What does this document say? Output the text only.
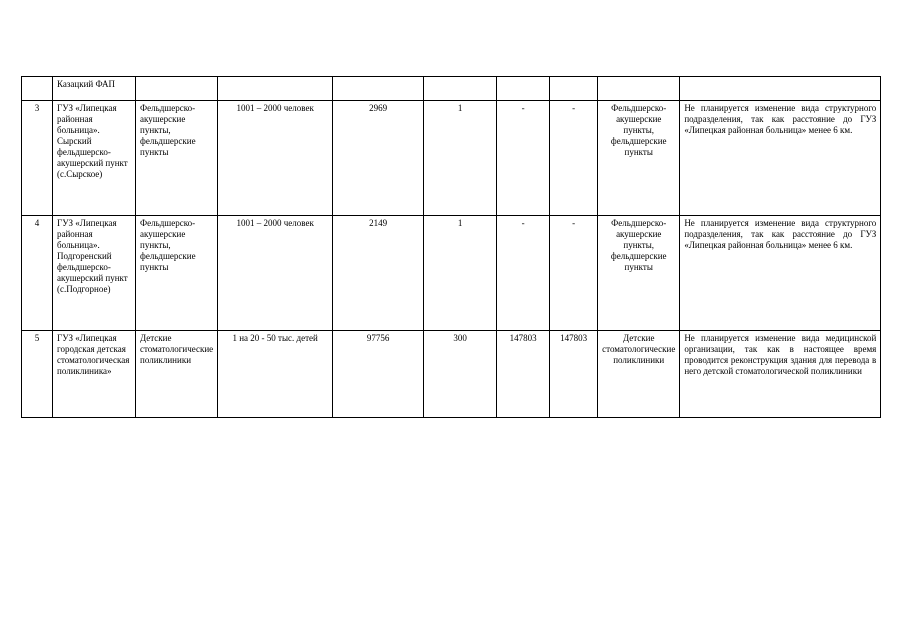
	Казацкий ФАП								
3	ГУЗ «Липецкая районная больница». Сырский фельдшерско-акушерский пункт (с.Сырское)	Фельдшерско-акушерские пункты, фельдшерские пункты	1001 – 2000 человек	2969	1	-	-	Фельдшерско-акушерские пункты, фельдшерские пункты	Не планируется изменение вида структурного подразделения, так как расстояние до ГУЗ «Липецкая районная больница» менее 6 км.
4	ГУЗ «Липецкая районная больница». Подгоренский фельдшерско-акушерский пункт (с.Подгорное)	Фельдшерско-акушерские пункты, фельдшерские пункты	1001 – 2000 человек	2149	1	-	-	Фельдшерско-акушерские пункты, фельдшерские пункты	Не планируется изменение вида структурного подразделения, так как расстояние до ГУЗ «Липецкая районная больница» менее 6 км.
5	ГУЗ «Липецкая городская детская стоматологическая поликлиника»	Детские стоматологические поликлиники	1 на 20 - 50 тыс. детей	97756	300	147803	147803	Детские стоматологические поликлиники	Не планируется изменение вида медицинской организации, так как в настоящее время проводится реконструкция здания для перевода в него детской стоматологической поликлиники
